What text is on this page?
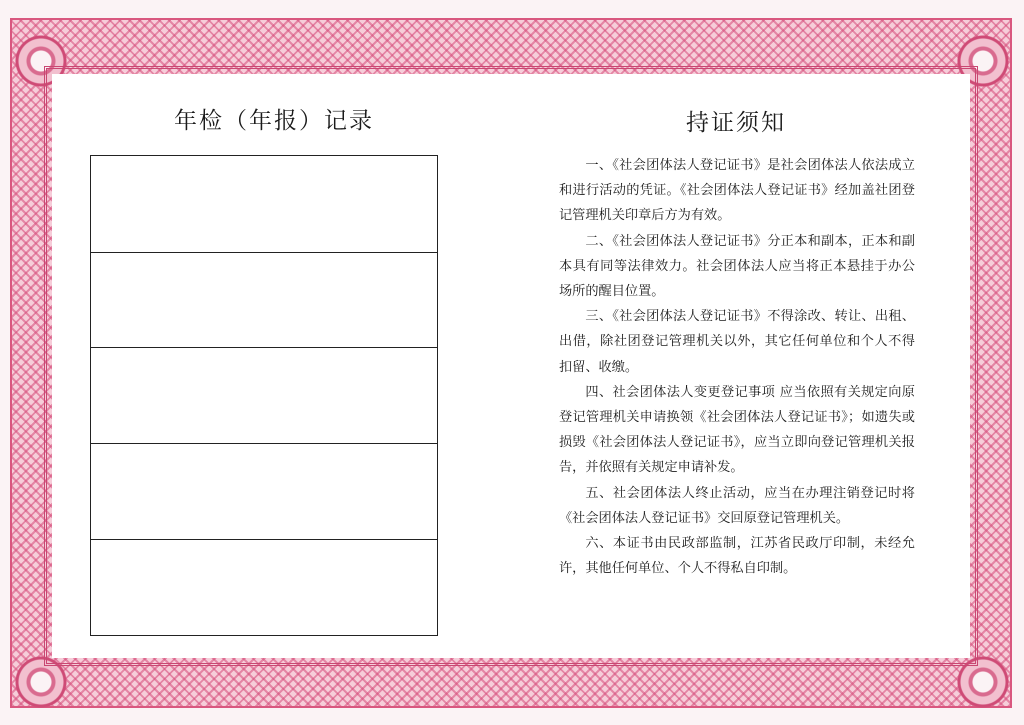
年检（年报）记录	持证须知
一、《社会团体法人登记证书》是社会团体法人依法成立和进行活动的凭证。《社会团体法人登记证书》经加盖社团登记管理机关印章后方为有效。
二、《社会团体法人登记证书》分正本和副本，正本和副本具有同等法律效力。社会团体法人应当将正本悬挂于办公场所的醒目位置。
三、《社会团体法人登记证书》不得涂改、转让、出租、出借，除社团登记管理机关以外，其它任何单位和个人不得扣留、收缴。
四、社会团体法人变更登记事项 应当依照有关规定向原登记管理机关申请换领《社会团体法人登记证书》；如遗失或损毁《社会团体法人登记证书》，应当立即向登记管理机关报告，并依照有关规定申请补发。
五、社会团体法人终止活动，应当在办理注销登记时将《社会团体法人登记证书》交回原登记管理机关。
六、本证书由民政部监制，江苏省民政厅印制，未经允许，其他任何单位、个人不得私自印制。
